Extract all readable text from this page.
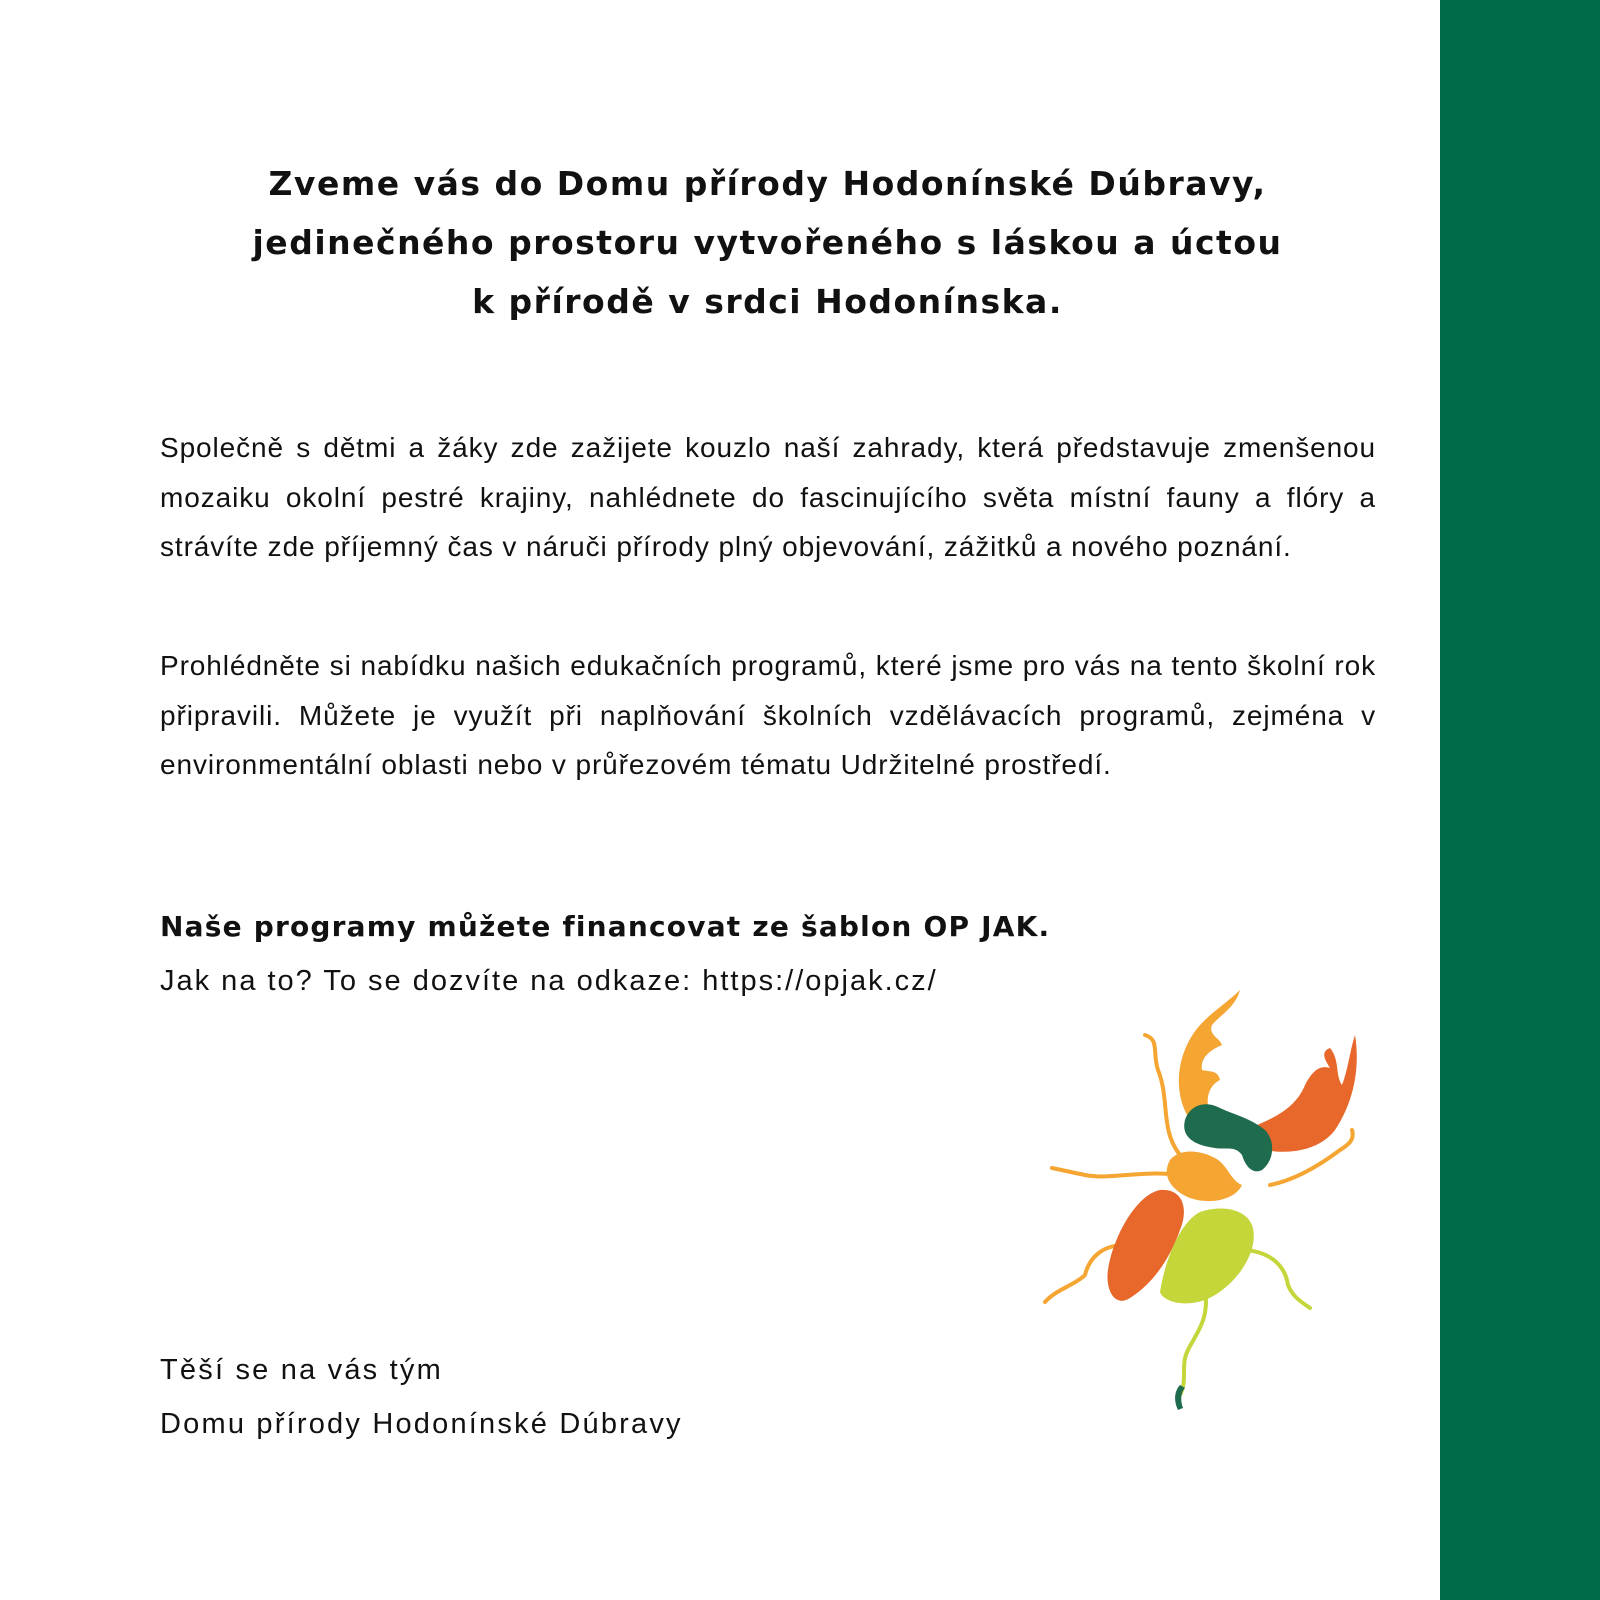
Zveme vás do Domu přírody Hodonínské Dúbravy,
jedinečného prostoru vytvořeného s láskou a úctou
k přírodě v srdci Hodonínska.

Společně s dětmi a žáky zde zažijete kouzlo naší zahrady, která představuje zmenšenou mozaiku okolní pestré krajiny, nahlédnete do fascinujícího světa místní fauny a flóry a strávíte zde příjemný čas v náruči přírody plný objevování, zážitků a nového poznání.

Prohlédněte si nabídku našich edukačních programů, které jsme pro vás na tento školní rok připravili. Můžete je využít při naplňování školních vzdělávacích programů, zejména v environmentální oblasti nebo v průřezovém tématu Udržitelné prostředí.

Naše programy můžete financovat ze šablon OP JAK.

Jak na to? To se dozvíte na odkaze: https://opjak.cz/

Těší se na vás tým

Domu přírody Hodonínské Dúbravy
